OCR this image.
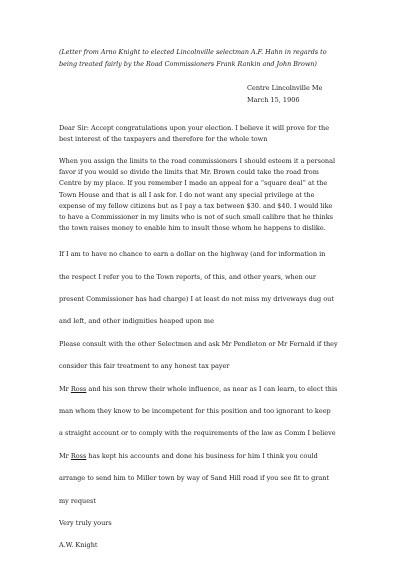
(Letter from Arno Knight to elected Lincolnville selectman A.F. Hahn in regards to
being treated fairly by the Road Commissioners Frank Rankin and John Brown)
Centre Lincolnville Me
March 15, 1906
Dear Sir: Accept congratulations upon your election. I believe it will prove for the
best interest of the taxpayers and therefore for the whole town
When you assign the limits to the road commissioners I should esteem it a personal
favor if you would so divide the limits that Mr. Brown could take the road from
Centre by my place. If you remember I made an appeal for a “square deal” at the
Town House and that is all I ask for. I do not want any special privilege at the
expense of my fellow citizens but as I pay a tax between $30. and $40. I would like
to have a Commissioner in my limits who is not of such small calibre that he thinks
the town raises money to enable him to insult those whom he happens to dislike.

If I am to have no chance to earn a dollar on the highway (and for information in

the respect I refer you to the Town reports, of this, and other years, when our

present Commissioner has had charge) I at least do not miss my driveways dug out

and left, and other indignities heaped upon me

Please consult with the other Selectmen and ask Mr Pendleton or Mr Fernald if they

consider this fair treatment to any honest tax payer

Mr Ross and his son threw their whole influence, as near as I can learn, to elect this

man whom they know to be incompetent for this position and too ignorant to keep

a straight account or to comply with the requirements of the law as Comm I believe

Mr Ross has kept his accounts and done his business for him I think you could

arrange to send him to Miller town by way of Sand Hill road if you see fit to grant

my request

Very truly yours

A.W. Knight
